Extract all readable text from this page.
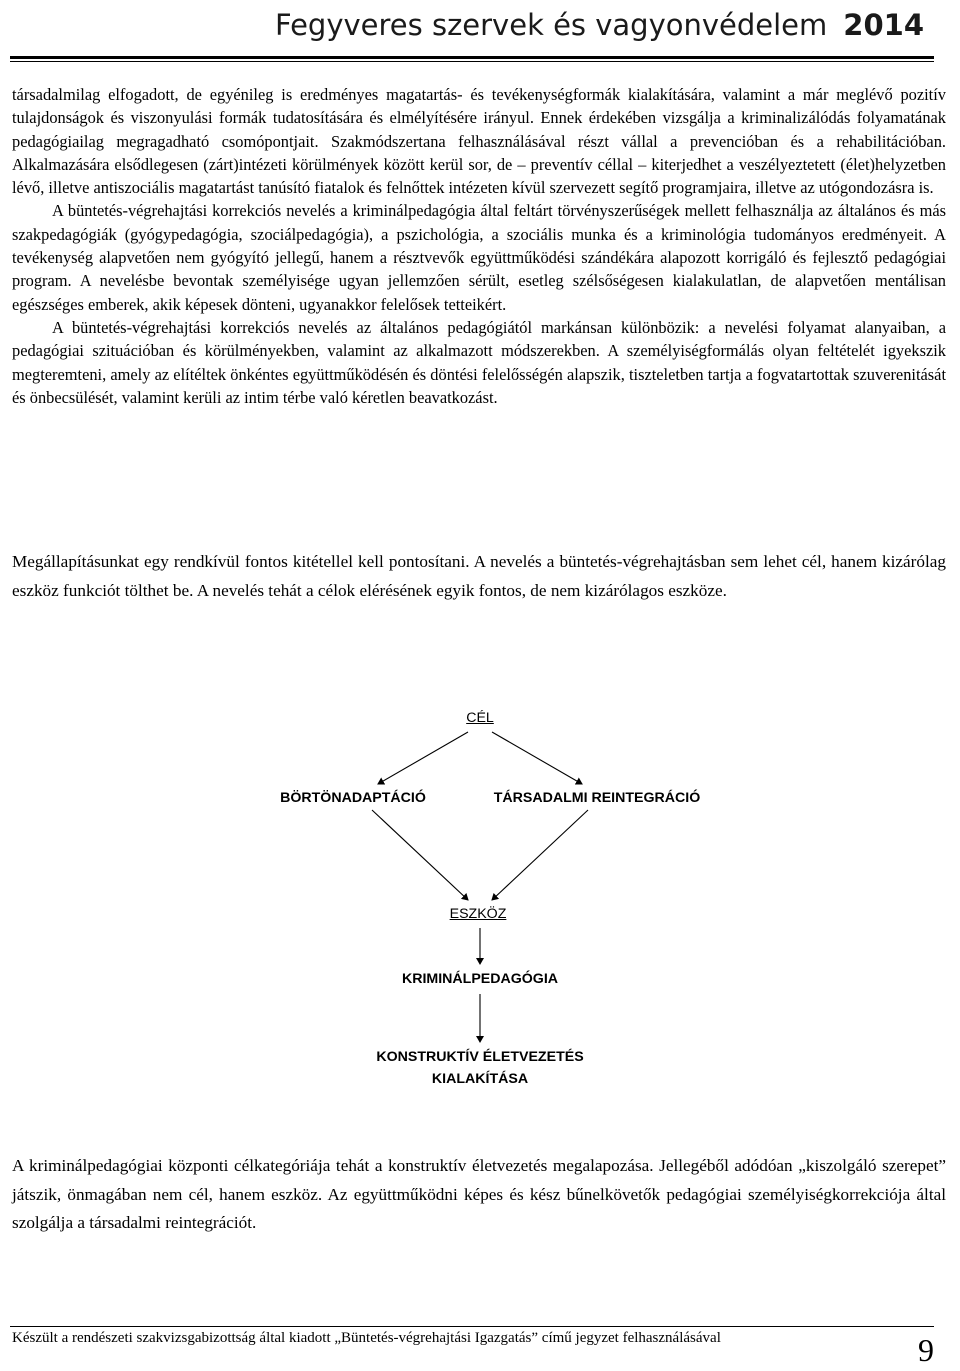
Fegyveres szervek és vagyonvédelem 2014

társadalmilag elfogadott, de egyénileg is eredményes magatartás- és tevékenységformák kialakítására, valamint a már meglévő pozitív tulajdonságok és viszonyulási formák tudatosítására és elmélyítésére irányul. Ennek érdekében vizsgálja a kriminalizálódás folyamatának pedagógiailag megragadható csomópontjait. Szakmódszertana felhasználásával részt vállal a prevencióban és a rehabilitációban. Alkalmazására elsődlegesen (zárt)intézeti körülmények között kerül sor, de – preventív céllal – kiterjedhet a veszélyeztetett (élet)helyzetben lévő, illetve antiszociális magatartást tanúsító fiatalok és felnőttek intézeten kívül szervezett segítő programjaira, illetve az utógondozásra is.

A büntetés-végrehajtási korrekciós nevelés a kriminálpedagógia által feltárt törvényszerűségek mellett felhasználja az általános és más szakpedagógiák (gyógypedagógia, szociálpedagógia), a pszichológia, a szociális munka és a kriminológia tudományos eredményeit. A tevékenység alapvetően nem gyógyító jellegű, hanem a résztvevők együttműködési szándékára alapozott korrigáló és fejlesztő pedagógiai program. A nevelésbe bevontak személyisége ugyan jellemzően sérült, esetleg szélsőségesen kialakulatlan, de alapvetően mentálisan egészséges emberek, akik képesek dönteni, ugyanakkor felelősek tetteikért.

A büntetés-végrehajtási korrekciós nevelés az általános pedagógiától markánsan különbözik: a nevelési folyamat alanyaiban, a pedagógiai szituációban és körülményekben, valamint az alkalmazott módszerekben. A személyiségformálás olyan feltételét igyekszik megteremteni, amely az elítéltek önkéntes együttműködésén és döntési felelősségén alapszik, tiszteletben tartja a fogvatartottak szuverenitását és önbecsülését, valamint kerüli az intim térbe való kéretlen beavatkozást.

Megállapításunkat egy rendkívül fontos kitétellel kell pontosítani. A nevelés a büntetés-végrehajtásban sem lehet cél, hanem kizárólag eszköz funkciót tölthet be. A nevelés tehát a célok elérésének egyik fontos, de nem kizárólagos eszköze.

CÉL
BÖRTÖNADAPTÁCIÓ	TÁRSADALMI REINTEGRÁCIÓ
ESZKÖZ
KRIMINÁLPEDAGÓGIA
KONSTRUKTÍV ÉLETVEZETÉS
KIALAKÍTÁSA

A kriminálpedagógiai központi célkategóriája tehát a konstruktív életvezetés megalapozása. Jellegéből adódóan „kiszolgáló szerepet” játszik, önmagában nem cél, hanem eszköz. Az együttműködni képes és kész bűnelkövetők pedagógiai személyiségkorrekciója által szolgálja a társadalmi reintegrációt.

Készült a rendészeti szakvizsgabizottság által kiadott „Büntetés-végrehajtási Igazgatás” című jegyzet felhasználásával	9
